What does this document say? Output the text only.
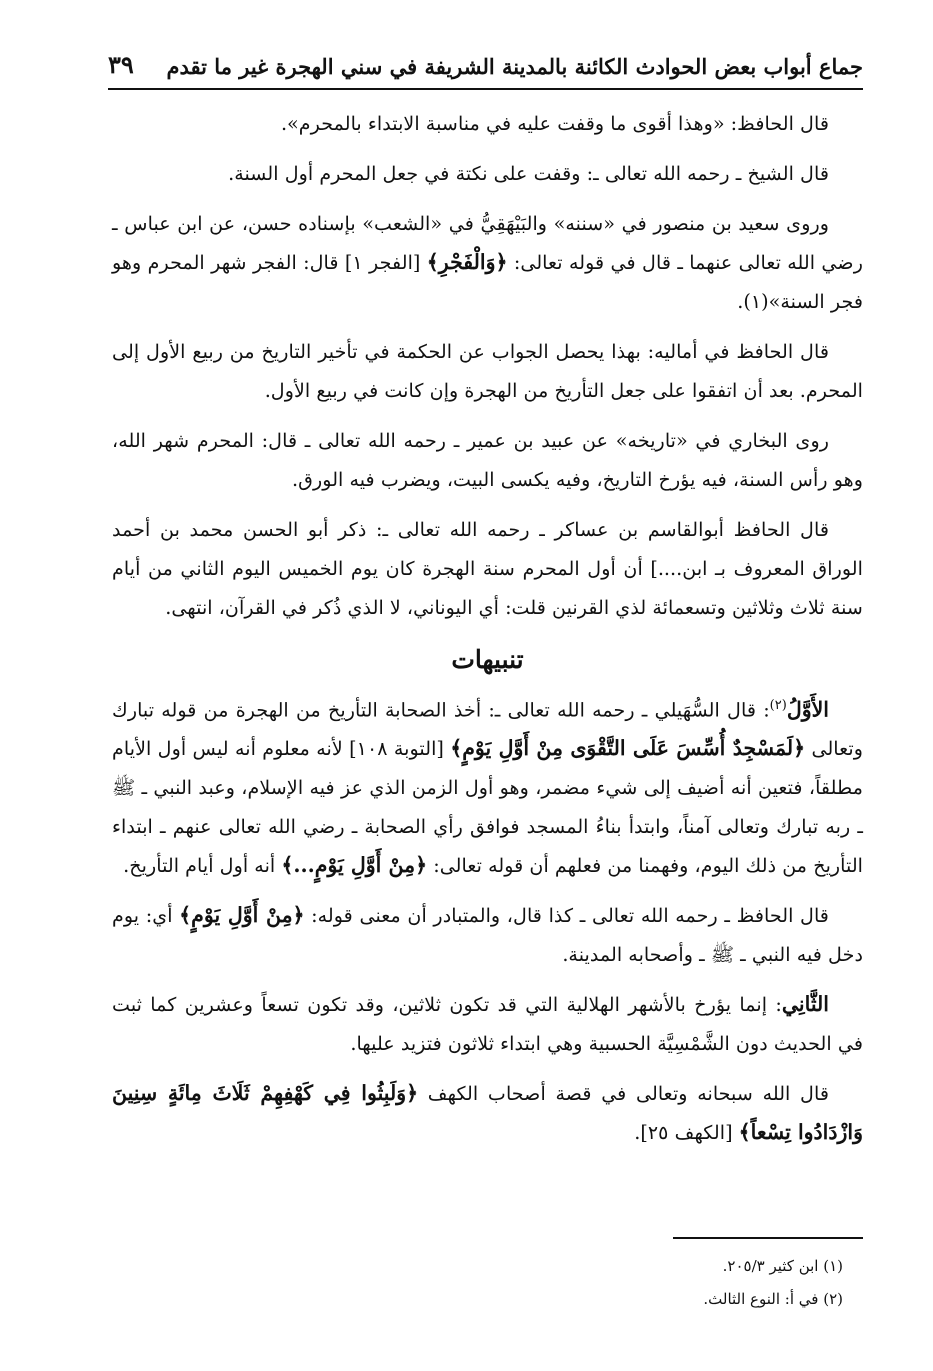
جماع أبواب بعض الحوادث الكائنة بالمدينة الشريفة في سني الهجرة غير ما تقدم
٣٩

قال الحافظ: «وهذا أقوى ما وقفت عليه في مناسبة الابتداء بالمحرم».

قال الشيخ ـ رحمه الله تعالى ـ: وقفت على نكتة في جعل المحرم أول السنة.

وروى سعيد بن منصور في «سننه» والبَيْهَقِيُّ في «الشعب» بإسناده حسن، عن ابن عباس ـ رضي الله تعالى عنهما ـ قال في قوله تعالى: ﴿وَالْفَجْرِ﴾ [الفجر ١] قال: الفجر شهر المحرم وهو فجر السنة»(١).

قال الحافظ في أماليه: بهذا يحصل الجواب عن الحكمة في تأخير التاريخ من ربيع الأول إلى المحرم. بعد أن اتفقوا على جعل التأريخ من الهجرة وإن كانت في ربيع الأول.

روى البخاري في «تاريخه» عن عبيد بن عمير ـ رحمه الله تعالى ـ قال: المحرم شهر الله، وهو رأس السنة، فيه يؤرخ التاريخ، وفيه يكسى البيت، ويضرب فيه الورق.

قال الحافظ أبوالقاسم بن عساكر ـ رحمه الله تعالى ـ: ذكر أبو الحسن محمد بن أحمد الوراق المعروف بـ ابن....] أن أول المحرم سنة الهجرة كان يوم الخميس اليوم الثاني من أيام سنة ثلاث وثلاثين وتسعمائة لذي القرنين قلت: أي اليوناني، لا الذي ذُكر في القرآن، انتهى.

تنبيهات

الأَوَّلُ$^{(٢)}$: قال السُّهَيلي ـ رحمه الله تعالى ـ: أخذ الصحابة التأريخ من الهجرة من قوله تبارك وتعالى ﴿لَمَسْجِدٌ أُسِّسَ عَلَى التَّقْوَى مِنْ أَوَّلِ يَوْمٍ﴾ [التوبة ١٠٨] لأنه معلوم أنه ليس أول الأيام مطلقاً، فتعين أنه أضيف إلى شيء مضمر، وهو أول الزمن الذي عز فيه الإسلام، وعبد النبي ـ ﷺ ـ ربه تبارك وتعالى آمناً، وابتدأ بناءُ المسجد فوافق رأي الصحابة ـ رضي الله تعالى عنهم ـ ابتداء التأريخ من ذلك اليوم، وفهمنا من فعلهم أن قوله تعالى: ﴿مِنْ أَوَّلِ يَوْمٍ...﴾ أنه أول أيام التأريخ.

قال الحافظ ـ رحمه الله تعالى ـ كذا قال، والمتبادر أن معنى قوله: ﴿مِنْ أَوَّلِ يَوْمٍ﴾ أي: يوم دخل فيه النبي ـ ﷺ ـ وأصحابه المدينة.

الثَّانِي: إنما يؤرخ بالأشهر الهلالية التي قد تكون ثلاثين، وقد تكون تسعاً وعشرين كما ثبت في الحديث دون الشَّمْسِيَّة الحسبية وهي ابتداء ثلاثون فتزيد عليها.

قال الله سبحانه وتعالى في قصة أصحاب الكهف ﴿وَلَبِثُوا فِي كَهْفِهِمْ ثَلَاثَ مِائَةٍ سِنِينَ وَازْدَادُوا تِسْعاً﴾ [الكهف ٢٥].

(١) ابن كثير ٢٠٥/٣.
(٢) في أ: النوع الثالث.
